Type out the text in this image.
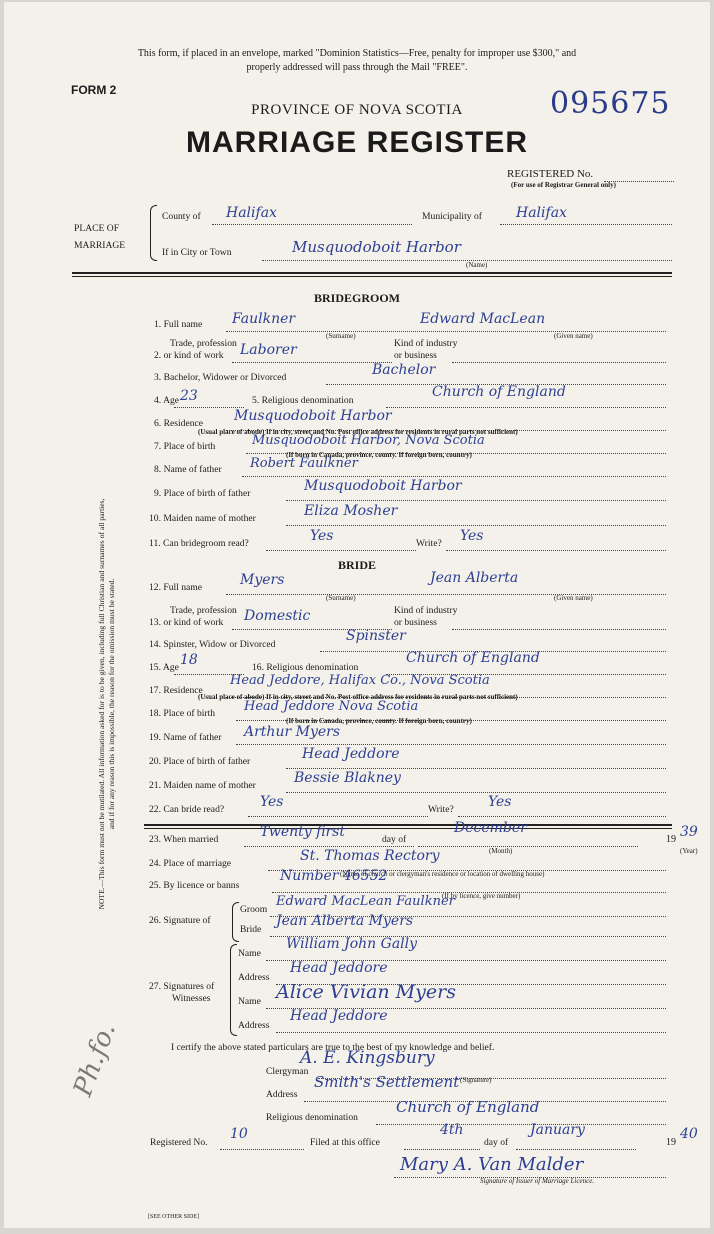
This form, if placed in an envelope, marked "Dominion Statistics—Free, penalty for improper use $300," and
properly addressed will pass through the Mail "FREE".
FORM 2	095675
PROVINCE OF NOVA SCOTIA
MARRIAGE REGISTER
REGISTERED No.
(For use of Registrar General only)
PLACE OF
MARRIAGE
County of Halifax	Municipality of Halifax
If in City or Town	Musquodoboit Harbor
(Name)
BRIDEGROOM
1. Full name Faulkner	Edward MacLean
(Surname)	(Given name)
Trade, profession
2. or kind of work Laborer	Kind of industry
or business
3. Bachelor, Widower or Divorced	Bachelor
4. Age 23	5. Religious denomination
Church of England
6. Residence Musquodoboit Harbor
(Usual place of abode) If in city, street and No. Post office address for residents in rural parts not sufficient)
7. Place of birth	Musquodoboit Harbor, Nova Scotia
(If born in Canada, province, county. If foreign born, country)
8. Name of father Robert Faulkner
9. Place of birth of father	Musquodoboit Harbor
10. Maiden name of mother	Eliza Mosher
11. Can bridegroom read?	Yes	Write? Yes
BRIDE
12. Full name	Myers	Jean Alberta
(Surname)	(Given name)
Trade, profession
13. or kind of work Domestic	Kind of industry
or business
14. Spinster, Widow or Divorced
Spinster
15. Age 18	16. Religious denomination
Church of England
17. Residence
Head Jeddore, Halifax Co., Nova Scotia
(Usual place of abode) If in city, street and No. Post office address for residents in rural parts not sufficient)
18. Place of birth Head Jeddore Nova Scotia
(If born in Canada, province, county. If foreign born, country)
19. Name of father Arthur Myers
20. Place of birth of father	Head Jeddore
21. Maiden name of mother	Bessie Blakney
22. Can bride read?	Yes	Write? Yes
23. When married	Twenty first	day of
December
(Month)
19 39
(Year)
24. Place of marriage	St. Thomas Rectory
(Name of church or clergyman's residence or location of dwelling house)
25. By licence or banns
Number 46552
(If by licence, give number)
26. Signature of
Groom
Edward MacLean Faulkner
Bride
Jean Alberta Myers
27. Signatures of
Witnesses
Name
William John Gally
Address
Head Jeddore
Name Alice Vivian Myers
Address
Head Jeddore
I certify the above stated particulars are true to the best of my knowledge and belief.
Clergyman
A. E. Kingsbury
(Signature)
Address
Smith's Settlement
Religious denomination
Church of England
Registered No.
10
Filed at this office
4th
day of
January
19
40
Mary A. Van Malder
Signature of Issuer of Marriage Licence.
[SEE OTHER SIDE]
NOTE.—This form must not be mutilated. All information asked for is to be given, including full Christian and surnames of all parties, and if for any reason this is impossible, the reason for the omission must be stated.
Ph.fo.
